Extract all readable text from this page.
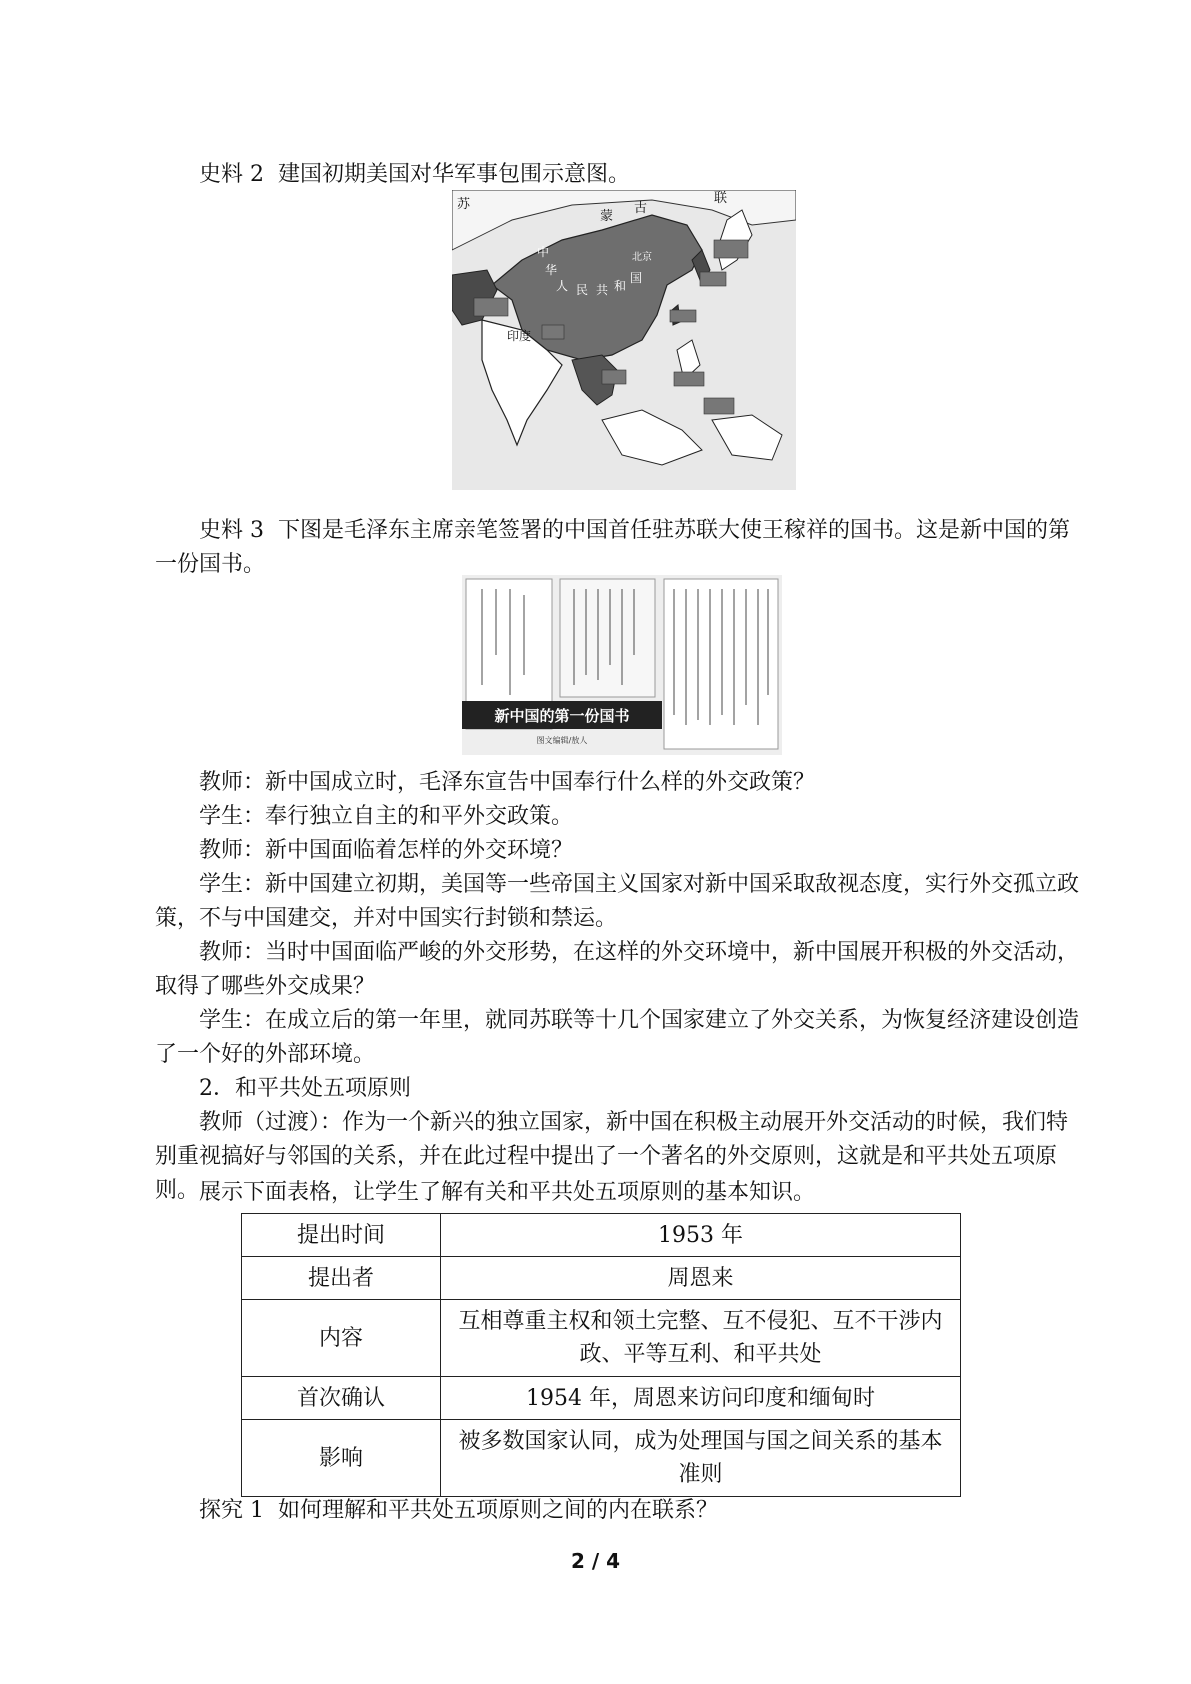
史料 2 建国初期美国对华军事包围示意图。

苏
蒙
古
联
中
华
人 民 共 和
国
北京
印度

史料 3 下图是毛泽东主席亲笔签署的中国首任驻苏联大使王稼祥的国书。这是新中国的第一份国书。

新中国的第一份国书
图文编辑/敖人

教师：新中国成立时，毛泽东宣告中国奉行什么样的外交政策？

学生：奉行独立自主的和平外交政策。

教师：新中国面临着怎样的外交环境？

学生：新中国建立初期，美国等一些帝国主义国家对新中国采取敌视态度，实行外交孤立政策，不与中国建交，并对中国实行封锁和禁运。

教师：当时中国面临严峻的外交形势，在这样的外交环境中，新中国展开积极的外交活动，取得了哪些外交成果？

学生：在成立后的第一年里，就同苏联等十几个国家建立了外交关系，为恢复经济建设创造了一个好的外部环境。

2．和平共处五项原则

教师（过渡）：作为一个新兴的独立国家，新中国在积极主动展开外交活动的时候，我们特别重视搞好与邻国的关系，并在此过程中提出了一个著名的外交原则，这就是和平共处五项原则。 展示下面表格，让学生了解有关和平共处五项原则的基本知识。

提出时间	1953 年
提出者	周恩来
内容	互相尊重主权和领土完整、互不侵犯、互不干涉内政、平等互利、和平共处
首次确认	1954 年，周恩来访问印度和缅甸时
影响	被多数国家认同，成为处理国与国之间关系的基本准则

探究 1 如何理解和平共处五项原则之间的内在联系？

2 / 4
